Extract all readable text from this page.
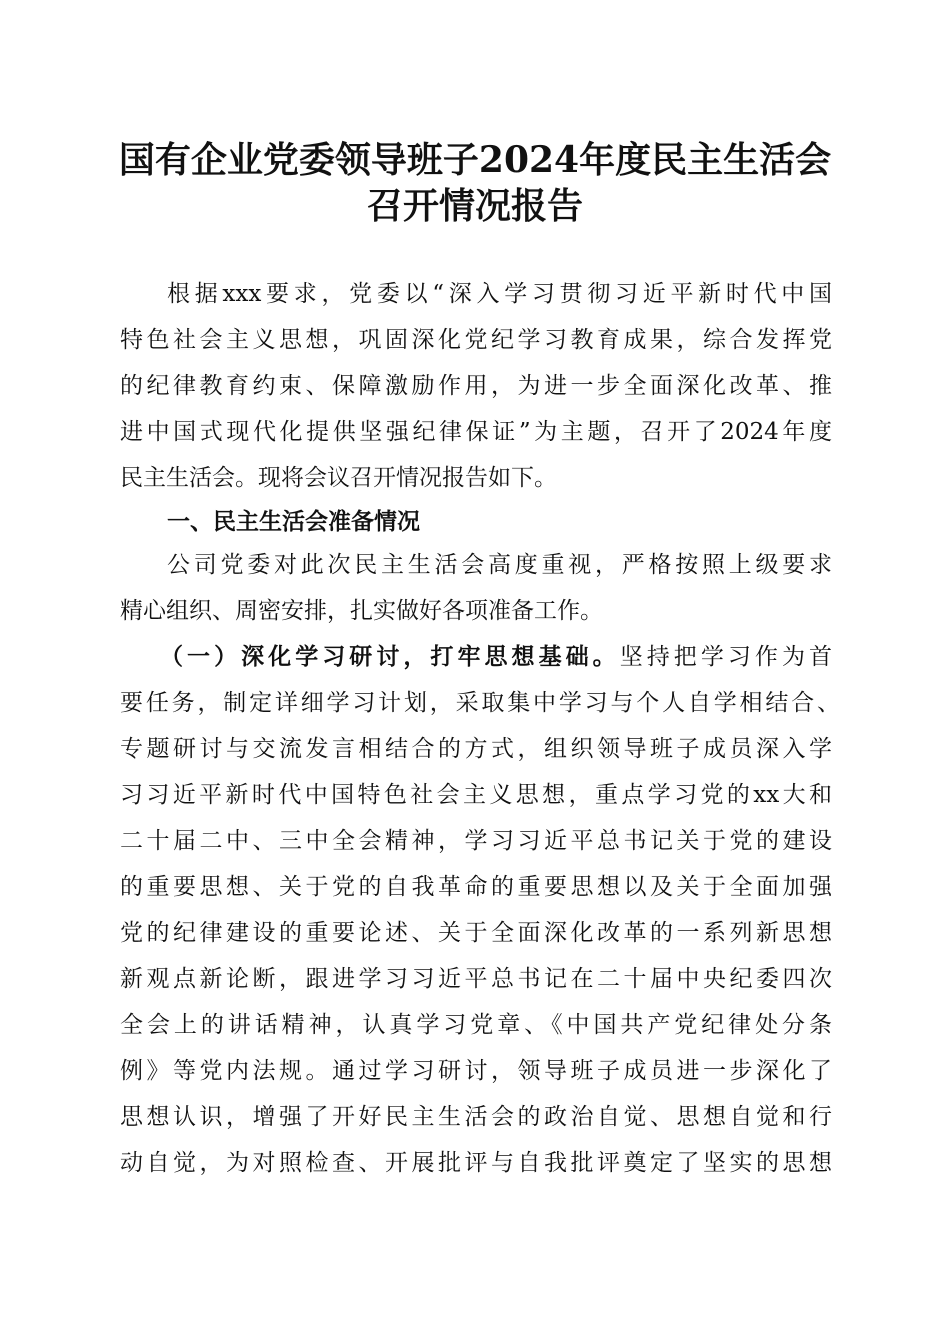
国有企业党委领导班子2024年度民主生活会
召开情况报告

根据xxx要求，党委以“深入学习贯彻习近平新时代中国

特色社会主义思想，巩固深化党纪学习教育成果，综合发挥党

的纪律教育约束、保障激励作用，为进一步全面深化改革、推

进中国式现代化提供坚强纪律保证”为主题，召开了2024年度

民主生活会。现将会议召开情况报告如下。

一、民主生活会准备情况

公司党委对此次民主生活会高度重视，严格按照上级要求

精心组织、周密安排，扎实做好各项准备工作。

（一）深化学习研讨，打牢思想基础。坚持把学习作为首

要任务，制定详细学习计划，采取集中学习与个人自学相结合、

专题研讨与交流发言相结合的方式，组织领导班子成员深入学

习习近平新时代中国特色社会主义思想，重点学习党的xx大和

二十届二中、三中全会精神，学习习近平总书记关于党的建设

的重要思想、关于党的自我革命的重要思想以及关于全面加强

党的纪律建设的重要论述、关于全面深化改革的一系列新思想

新观点新论断，跟进学习习近平总书记在二十届中央纪委四次

全会上的讲话精神，认真学习党章、《中国共产党纪律处分条

例》等党内法规。通过学习研讨，领导班子成员进一步深化了

思想认识，增强了开好民主生活会的政治自觉、思想自觉和行

动自觉，为对照检查、开展批评与自我批评奠定了坚实的思想
